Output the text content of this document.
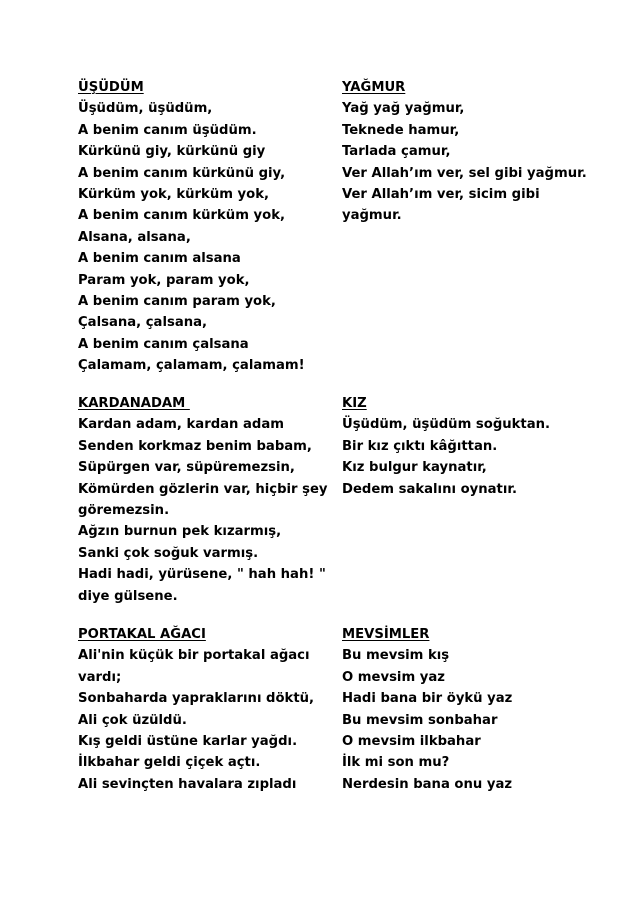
ÜŞÜDÜM
Üşüdüm, üşüdüm,
A benim canım üşüdüm.
Kürkünü giy, kürkünü giy
A benim canım kürkünü giy,
Kürküm yok, kürküm yok,
A benim canım kürküm yok,
Alsana, alsana,
A benim canım alsana
Param yok, param yok,
A benim canım param yok,
Çalsana, çalsana,
A benim canım çalsana
Çalamam, çalamam, çalamam!
YAĞMUR
Yağ yağ yağmur,
Teknede hamur,
Tarlada çamur,
Ver Allah’ım ver, sel gibi yağmur.
Ver Allah’ım ver, sicim gibi
yağmur.
KARDANADAM
Kardan adam, kardan adam
Senden korkmaz benim babam,
Süpürgen var, süpüremezsin,
Kömürden gözlerin var, hiçbir şey
göremezsin.
Ağzın burnun pek kızarmış,
Sanki çok soğuk varmış.
Hadi hadi, yürüsene, " hah hah! "
diye gülsene.
KIZ
Üşüdüm, üşüdüm soğuktan.
Bir kız çıktı kâğıttan.
Kız bulgur kaynatır,
Dedem sakalını oynatır.
PORTAKAL AĞACI
Ali'nin küçük bir portakal ağacı
vardı;
Sonbaharda yapraklarını döktü,
Ali çok üzüldü.
Kış geldi üstüne karlar yağdı.
İlkbahar geldi çiçek açtı.
Ali sevinçten havalara zıpladı
MEVSİMLER
Bu mevsim kış
O mevsim yaz
Hadi bana bir öykü yaz
Bu mevsim sonbahar
O mevsim ilkbahar
İlk mi son mu?
Nerdesin bana onu yaz
